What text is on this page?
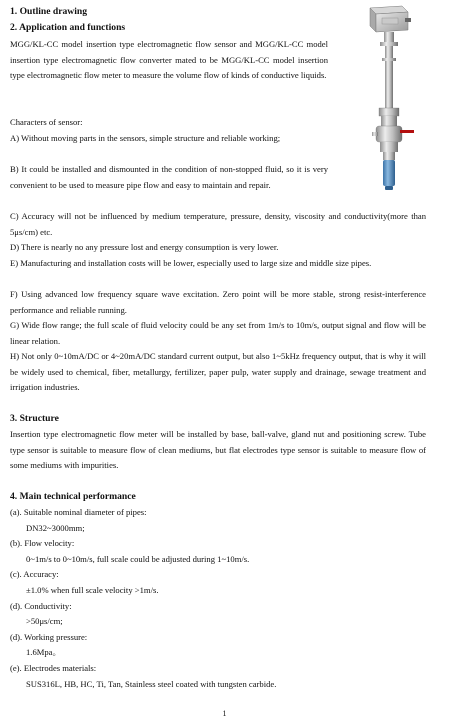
1. Outline drawing
2. Application and functions

MGG/KL-CC model insertion type electromagnetic flow sensor and MGG/KL-CC model insertion type electromagnetic flow converter mated to be MGG/KL-CC model insertion type electromagnetic flow meter to measure the volume flow of kinds of conductive liquids.

Characters of sensor:

A) Without moving parts in the sensors, simple structure and reliable working;

B) It could be installed and dismounted in the condition of non-stopped fluid, so it is very convenient to be used to measure pipe flow and easy to maintain and repair.

C) Accuracy will not be influenced by medium temperature, pressure, density, viscosity and conductivity(more than 5μs/cm) etc.

D) There is nearly no any pressure lost and energy consumption is very lower.

E) Manufacturing and installation costs will be lower, especially used to large size and middle size pipes.

F) Using advanced low frequency square wave excitation. Zero point will be more stable, strong resist-interference performance and reliable running.

G) Wide flow range; the full scale of fluid velocity could be any set from 1m/s to 10m/s, output signal and flow will be linear relation.

H) Not only 0~10mA/DC or 4~20mA/DC standard current output, but also 1~5kHz frequency output, that is why it will be widely used to chemical, fiber, metallurgy, fertilizer, paper pulp, water supply and drainage, sewage treatment and irrigation industries.

3. Structure

Insertion type electromagnetic flow meter will be installed by base, ball-valve, gland nut and positioning screw. Tube type sensor is suitable to measure flow of clean mediums, but flat electrodes type sensor is suitable to measure flow of some mediums with impurities.

4. Main technical performance
(a). Suitable nominal diameter of pipes:
DN32~3000mm;
(b). Flow velocity:
0~1m/s to 0~10m/s, full scale could be adjusted during 1~10m/s.
(c). Accuracy:
±1.0% when full scale velocity >1m/s.
(d). Conductivity:
>50μs/cm;
(d). Working pressure:
1.6Mpa。
(e). Electrodes materials:
SUS316L, HB, HC, Ti, Tan, Stainless steel coated with tungsten carbide.
1
